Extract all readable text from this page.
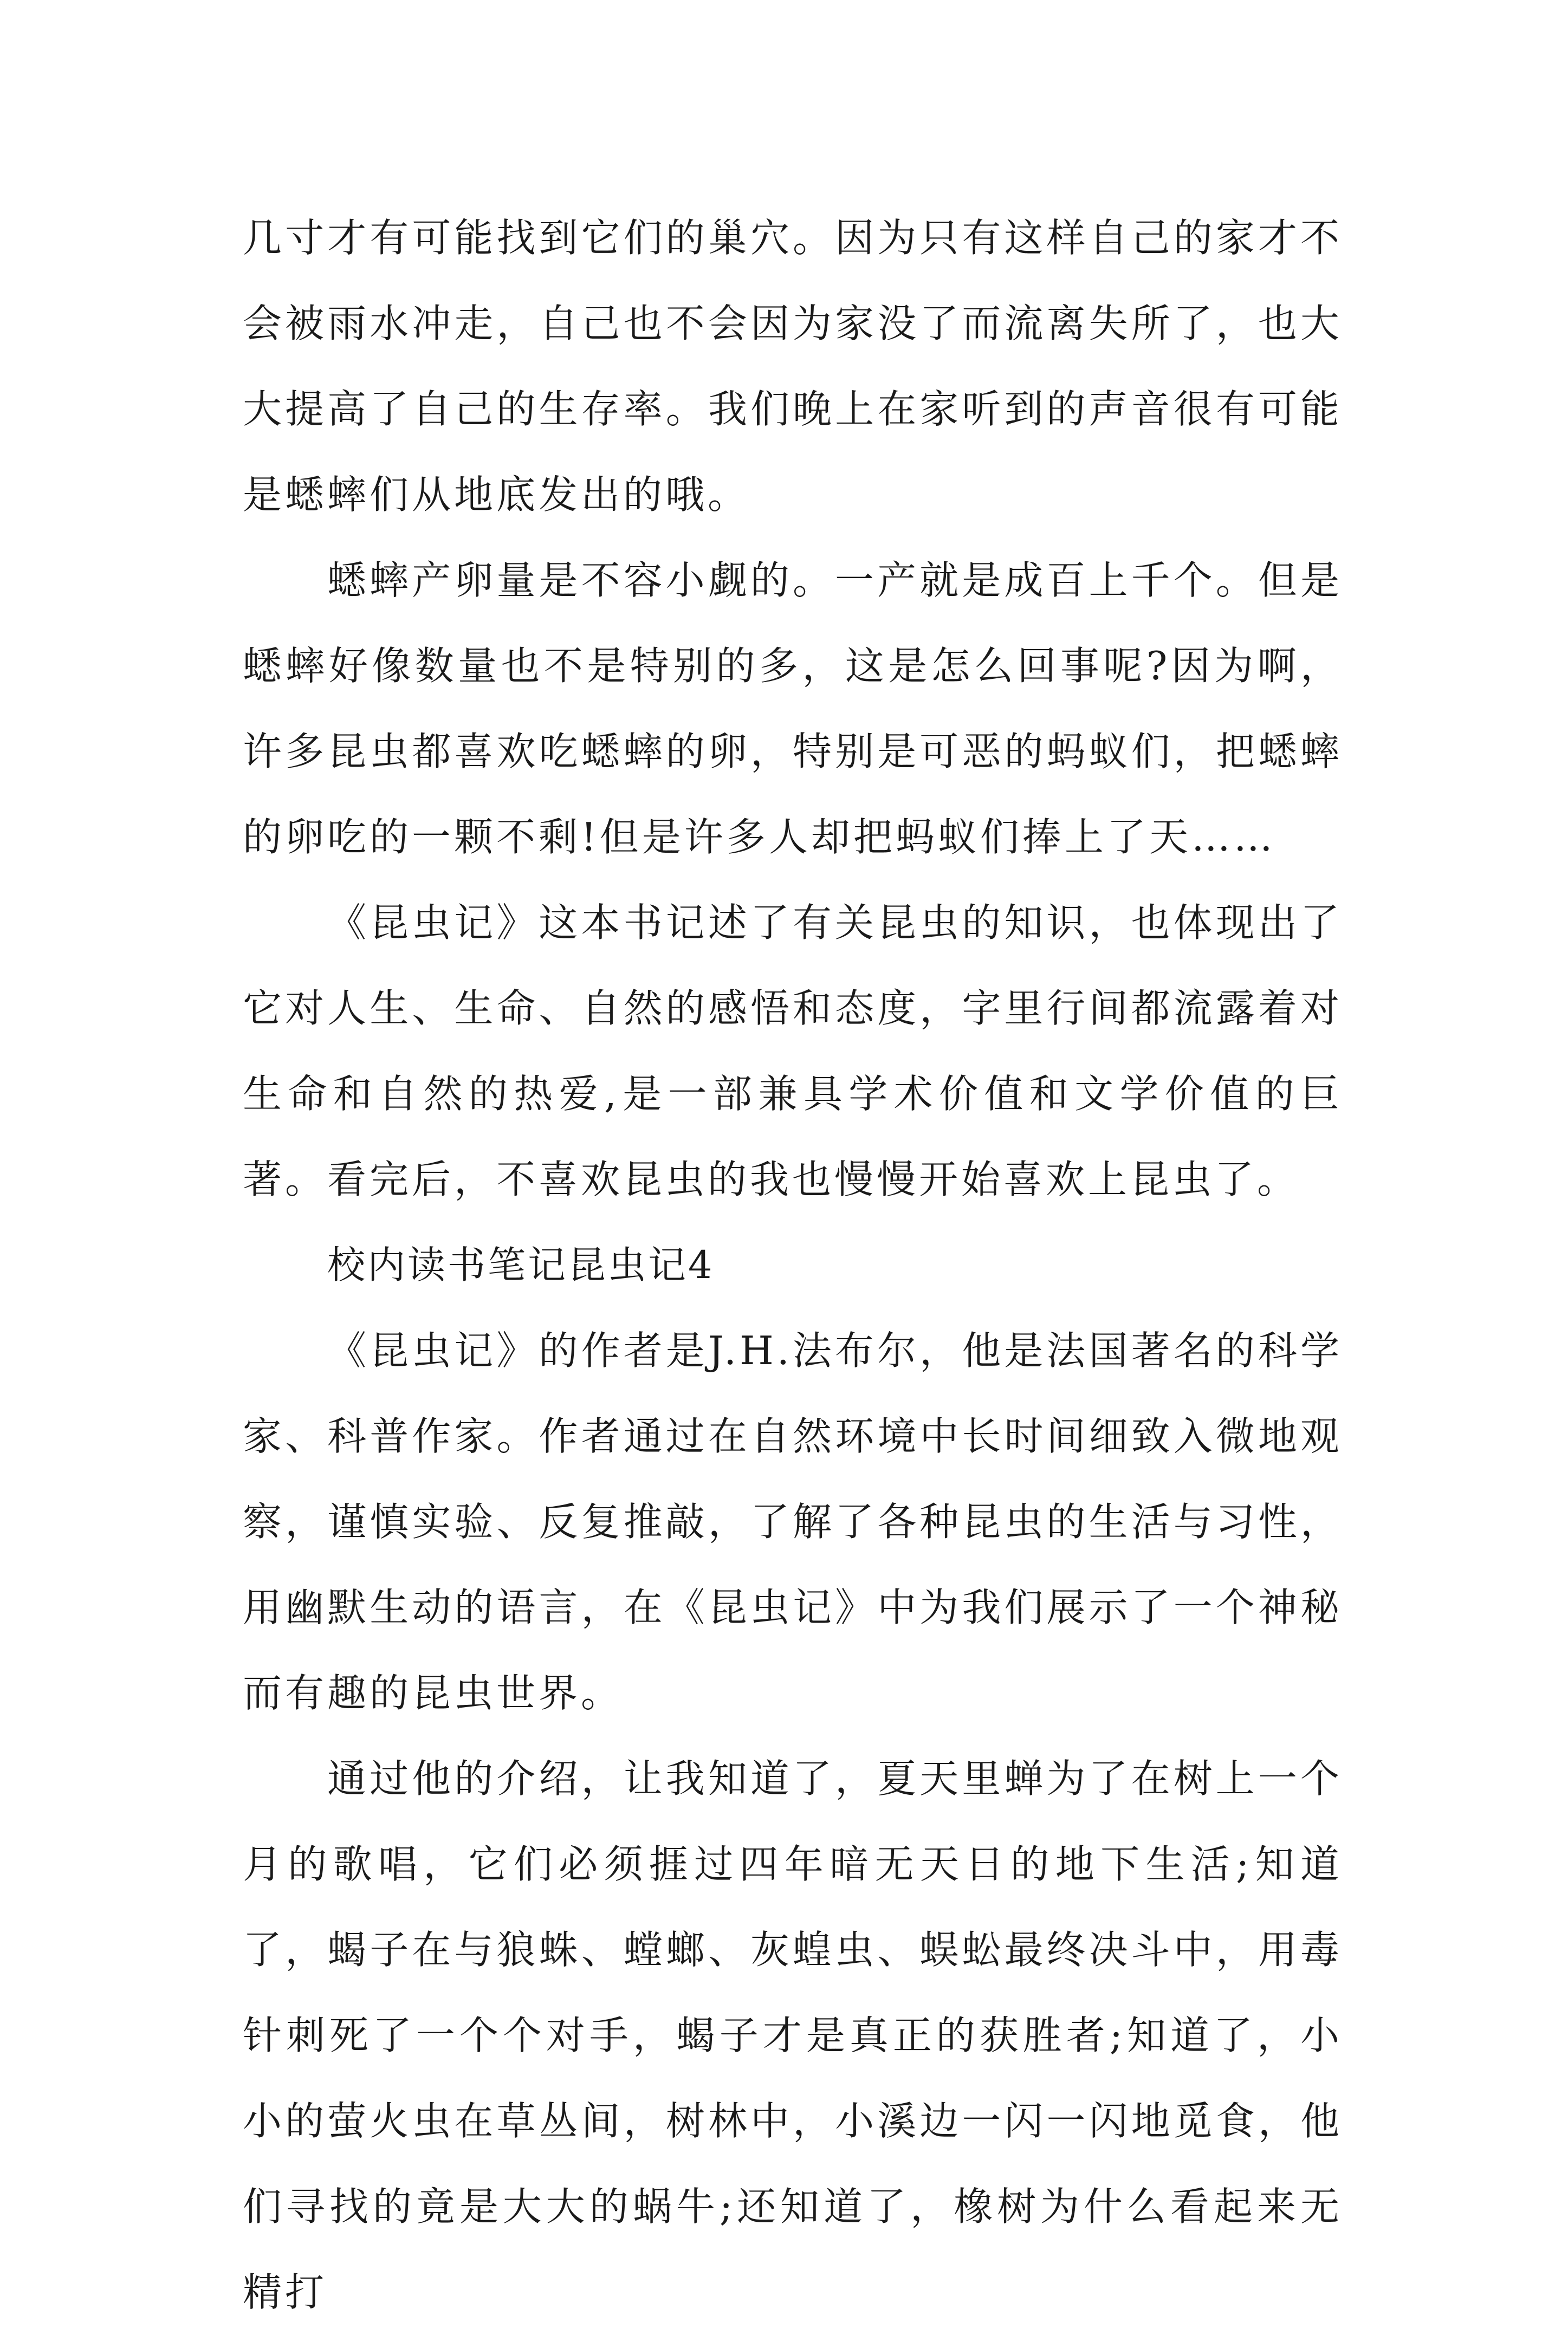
几寸才有可能找到它们的巢穴。因为只有这样自己的家才不会被雨水冲走，自己也不会因为家没了而流离失所了，也大大提高了自己的生存率。我们晚上在家听到的声音很有可能是蟋蟀们从地底发出的哦。

蟋蟀产卵量是不容小觑的。一产就是成百上千个。但是蟋蟀好像数量也不是特别的多，这是怎么回事呢?因为啊，许多昆虫都喜欢吃蟋蟀的卵，特别是可恶的蚂蚁们，把蟋蟀的卵吃的一颗不剩!但是许多人却把蚂蚁们捧上了天……

《昆虫记》这本书记述了有关昆虫的知识，也体现出了它对人生、生命、自然的感悟和态度，字里行间都流露着对生命和自然的热爱,是一部兼具学术价值和文学价值的巨著。看完后，不喜欢昆虫的我也慢慢开始喜欢上昆虫了。

校内读书笔记昆虫记4

《昆虫记》的作者是J.H.法布尔，他是法国著名的科学家、科普作家。作者通过在自然环境中长时间细致入微地观察，谨慎实验、反复推敲，了解了各种昆虫的生活与习性，用幽默生动的语言，在《昆虫记》中为我们展示了一个神秘而有趣的昆虫世界。

通过他的介绍，让我知道了，夏天里蝉为了在树上一个月的歌唱，它们必须捱过四年暗无天日的地下生活;知道了，蝎子在与狼蛛、螳螂、灰蝗虫、蜈蚣最终决斗中，用毒针刺死了一个个对手，蝎子才是真正的获胜者;知道了，小小的萤火虫在草丛间，树林中，小溪边一闪一闪地觅食，他们寻找的竟是大大的蜗牛;还知道了，橡树为什么看起来无精打
